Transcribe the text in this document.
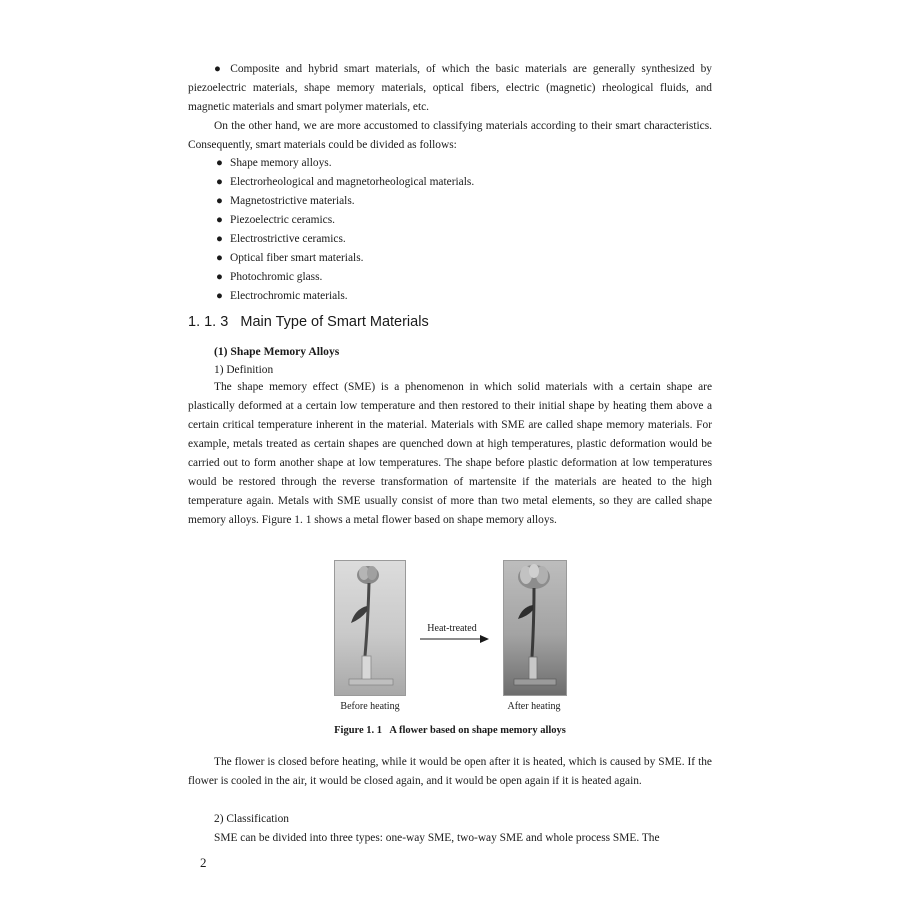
● Composite and hybrid smart materials, of which the basic materials are generally synthesized by piezoelectric materials, shape memory materials, optical fibers, electric (magnetic) rheological fluids, and magnetic materials and smart polymer materials, etc.

On the other hand, we are more accustomed to classifying materials according to their smart characteristics. Consequently, smart materials could be divided as follows:

● Shape memory alloys.
● Electrorheological and magnetorheological materials.
● Magnetostrictive materials.
● Piezoelectric ceramics.
● Electrostrictive ceramics.
● Optical fiber smart materials.
● Photochromic glass.
● Electrochromic materials.
1. 1. 3   Main Type of Smart Materials
(1) Shape Memory Alloys
1) Definition

The shape memory effect (SME) is a phenomenon in which solid materials with a certain shape are plastically deformed at a certain low temperature and then restored to their initial shape by heating them above a certain critical temperature inherent in the material. Materials with SME are called shape memory materials. For example, metals treated as certain shapes are quenched down at high temperatures, plastic deformation would be carried out to form another shape at low temperatures. The shape before plastic deformation at low temperatures would be restored through the reverse transformation of martensite if the materials are heated to the high temperature again. Metals with SME usually consist of more than two metal elements, so they are called shape memory alloys. Figure 1. 1 shows a metal flower based on shape memory alloys.

Heat-treated
Before heating	After heating
Figure 1. 1   A flower based on shape memory alloys

The flower is closed before heating, while it would be open after it is heated, which is caused by SME. If the flower is cooled in the air, it would be closed again, and it would be open again if it is heated again.

2) Classification

SME can be divided into three types: one-way SME, two-way SME and whole process SME. The

2
